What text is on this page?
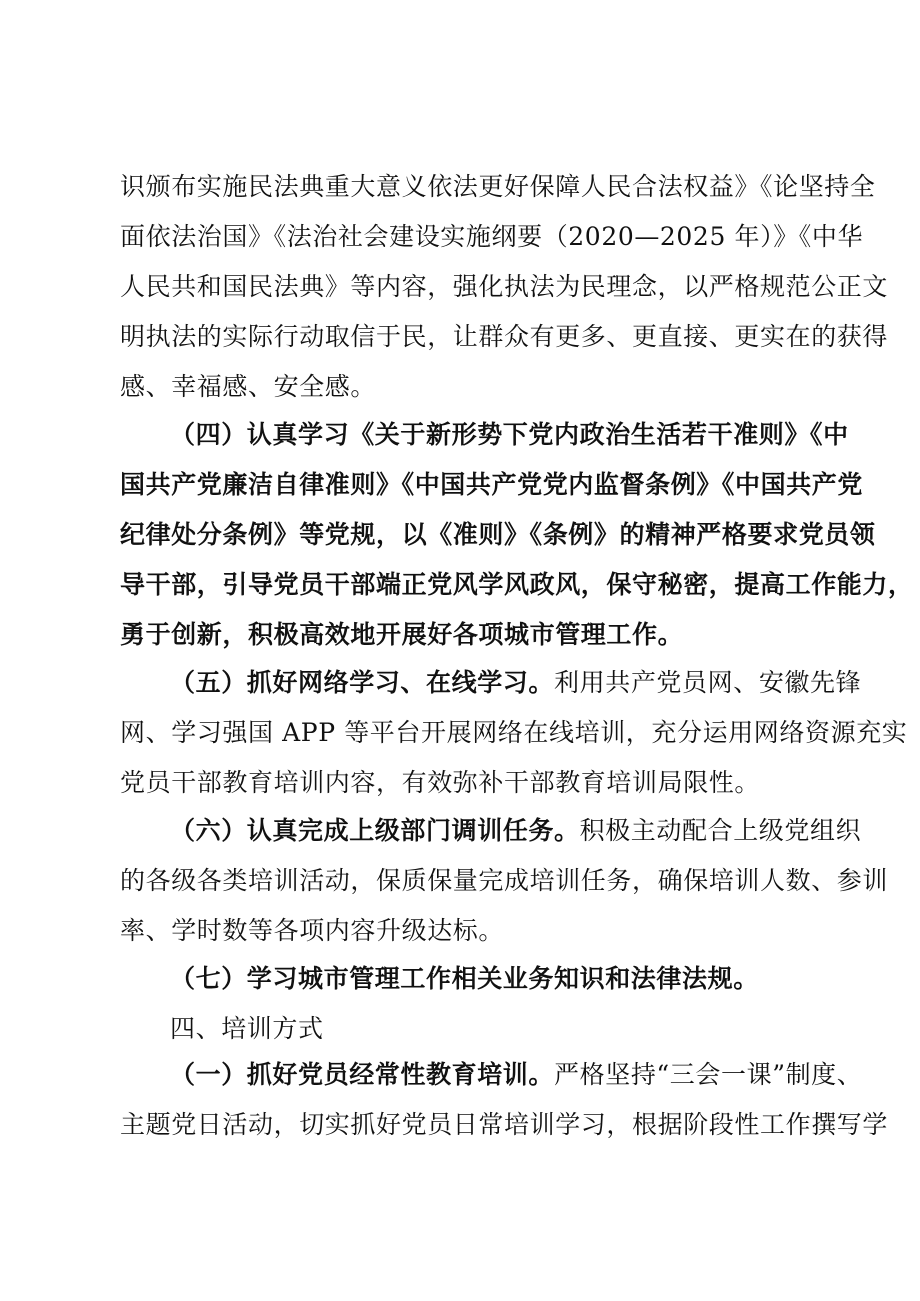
识颁布实施民法典重大意义依法更好保障人民合法权益》《论坚持全
面依法治国》《法治社会建设实施纲要（2020—2025 年）》《中华
人民共和国民法典》等内容，强化执法为民理念，以严格规范公正文
明执法的实际行动取信于民，让群众有更多、更直接、更实在的获得
感、幸福感、安全感。
（四）认真学习《关于新形势下党内政治生活若干准则》《中
国共产党廉洁自律准则》《中国共产党党内监督条例》《中国共产党
纪律处分条例》等党规，以《准则》《条例》的精神严格要求党员领
导干部，引导党员干部端正党风学风政风，保守秘密，提高工作能力，
勇于创新，积极高效地开展好各项城市管理工作。
（五）抓好网络学习、在线学习。利用共产党员网、安徽先锋
网、学习强国 APP 等平台开展网络在线培训，充分运用网络资源充实
党员干部教育培训内容，有效弥补干部教育培训局限性。
（六）认真完成上级部门调训任务。积极主动配合上级党组织
的各级各类培训活动，保质保量完成培训任务，确保培训人数、参训
率、学时数等各项内容升级达标。
（七）学习城市管理工作相关业务知识和法律法规。
四、培训方式
（一）抓好党员经常性教育培训。严格坚持“三会一课”制度、
主题党日活动，切实抓好党员日常培训学习，根据阶段性工作撰写学
